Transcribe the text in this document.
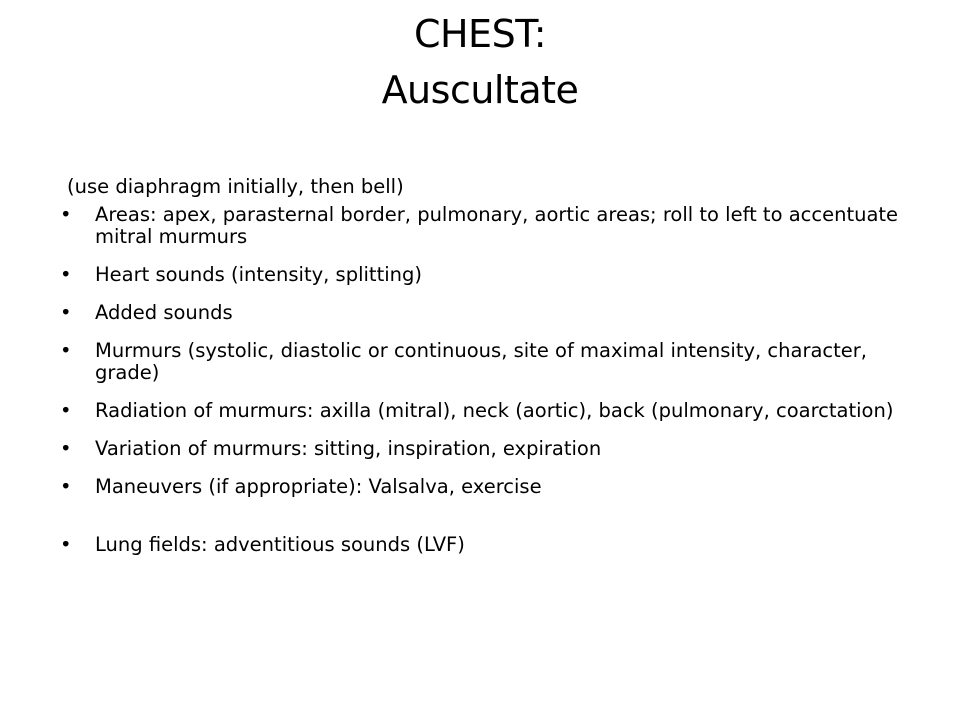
CHEST:
Auscultate
(use diaphragm initially, then bell)
•	Areas: apex, parasternal border, pulmonary, aortic areas; roll to left to accentuate mitral murmurs
•	Heart sounds (intensity, splitting)
•	Added sounds
•	Murmurs (systolic, diastolic or continuous, site of maximal intensity, character, grade)
•	Radiation of murmurs: axilla (mitral), neck (aortic), back (pulmonary, coarctation)
•	Variation of murmurs: sitting, inspiration, expiration
•	Maneuvers (if appropriate): Valsalva, exercise
•	Lung fields: adventitious sounds (LVF)
